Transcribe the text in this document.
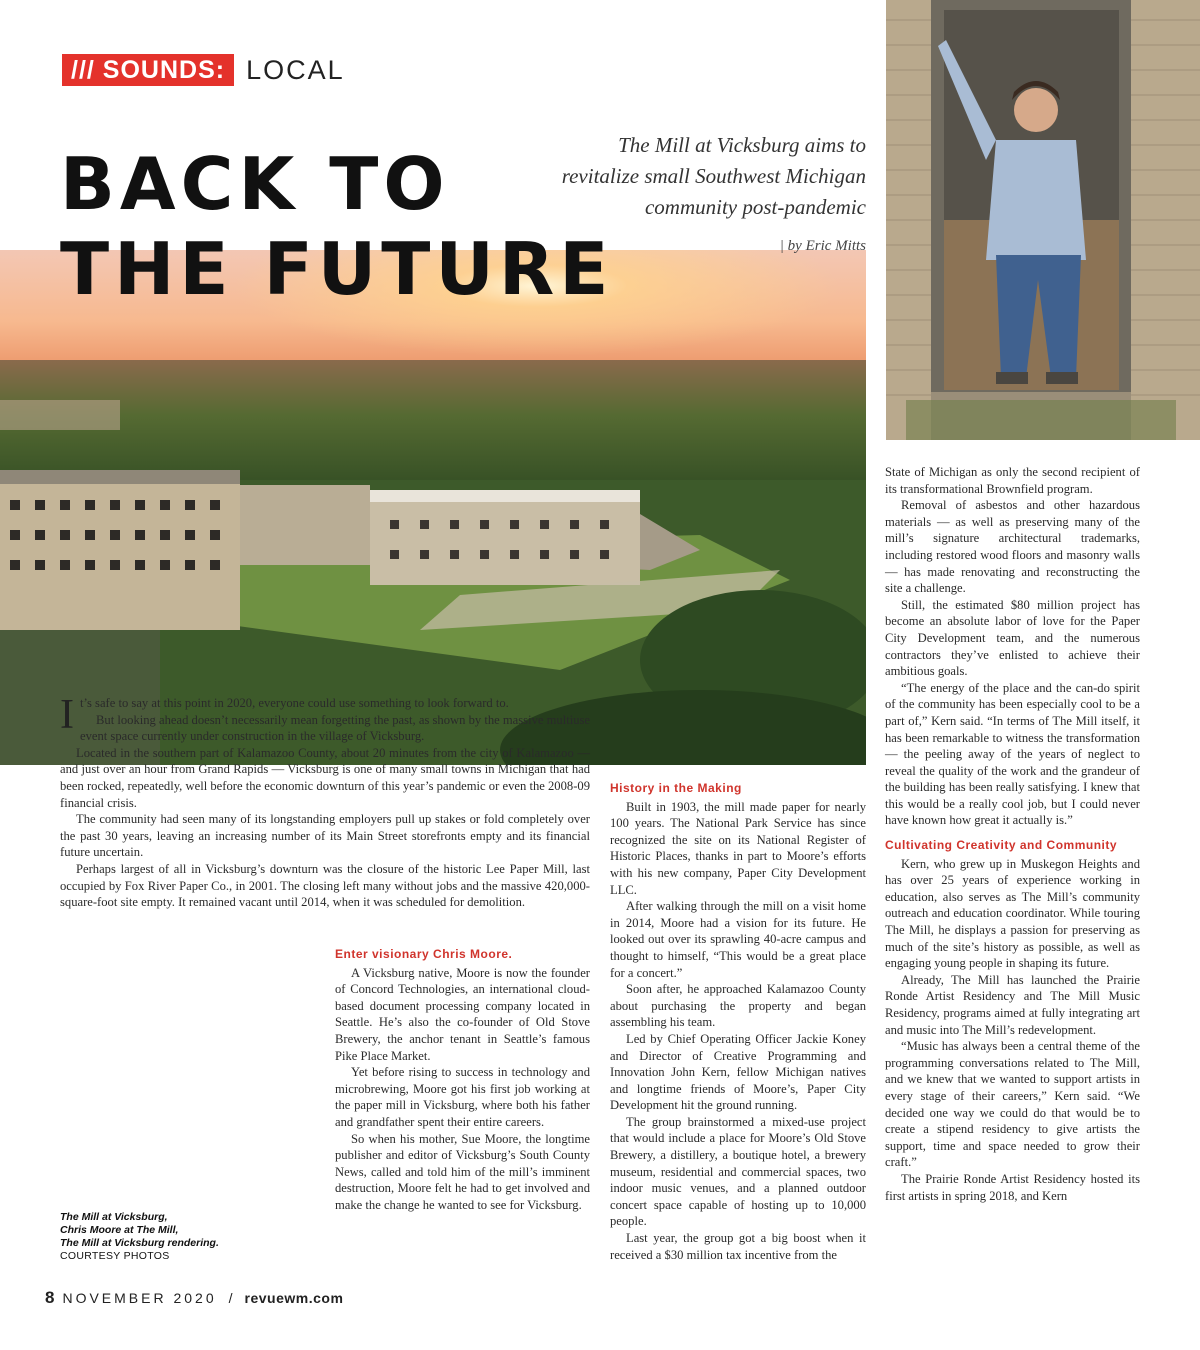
/// SOUNDS: LOCAL
BACK TO
THE FUTURE
The Mill at Vicksburg aims to
revitalize small Southwest Michigan
community post-pandemic
| by Eric Mitts

It’s safe to say at this point in 2020, everyone could use something to look forward to.

But looking ahead doesn’t necessarily mean forgetting the past, as shown by the massive multiuse event space currently under construction in the village of Vicksburg.

Located in the southern part of Kalamazoo County, about 20 minutes from the city of Kalamazoo — and just over an hour from Grand Rapids — Vicksburg is one of many small towns in Michigan that had been rocked, repeatedly, well before the economic downturn of this year’s pandemic or even the 2008-09 financial crisis.

The community had seen many of its longstanding employers pull up stakes or fold completely over the past 30 years, leaving an increasing number of its Main Street storefronts empty and its financial future uncertain.

Perhaps largest of all in Vicksburg’s downturn was the closure of the historic Lee Paper Mill, last occupied by Fox River Paper Co., in 2001. The closing left many without jobs and the massive 420,000-square-foot site empty. It remained vacant until 2014, when it was scheduled for demolition.

Enter visionary Chris Moore.

A Vicksburg native, Moore is now the founder of Concord Technologies, an international cloud-based document processing company located in Seattle. He’s also the co-founder of Old Stove Brewery, the anchor tenant in Seattle’s famous Pike Place Market.

Yet before rising to success in technology and microbrewing, Moore got his first job working at the paper mill in Vicksburg, where both his father and grandfather spent their entire careers.

So when his mother, Sue Moore, the longtime publisher and editor of Vicksburg’s South County News, called and told him of the mill’s imminent destruction, Moore felt he had to get involved and make the change he wanted to see for Vicksburg.

History in the Making

Built in 1903, the mill made paper for nearly 100 years. The National Park Service has since recognized the site on its National Register of Historic Places, thanks in part to Moore’s efforts with his new company, Paper City Development LLC.

After walking through the mill on a visit home in 2014, Moore had a vision for its future. He looked out over its sprawling 40-acre campus and thought to himself, “This would be a great place for a concert.”

Soon after, he approached Kalamazoo County about purchasing the property and began assembling his team.

Led by Chief Operating Officer Jackie Koney and Director of Creative Programming and Innovation John Kern, fellow Michigan natives and longtime friends of Moore’s, Paper City Development hit the ground running.

The group brainstormed a mixed-use project that would include a place for Moore’s Old Stove Brewery, a distillery, a boutique hotel, a brewery museum, residential and commercial spaces, two indoor music venues, and a planned outdoor concert space capable of hosting up to 10,000 people.

Last year, the group got a big boost when it received a $30 million tax incentive from the

State of Michigan as only the second recipient of its transformational Brownfield program.

Removal of asbestos and other hazardous materials — as well as preserving many of the mill’s signature architectural trademarks, including restored wood floors and masonry walls — has made renovating and reconstructing the site a challenge.

Still, the estimated $80 million project has become an absolute labor of love for the Paper City Development team, and the numerous contractors they’ve enlisted to achieve their ambitious goals.

“The energy of the place and the can-do spirit of the community has been especially cool to be a part of,” Kern said. “In terms of The Mill itself, it has been remarkable to witness the transformation — the peeling away of the years of neglect to reveal the quality of the work and the grandeur of the building has been really satisfying. I knew that this would be a really cool job, but I could never have known how great it actually is.”

Cultivating Creativity and Community

Kern, who grew up in Muskegon Heights and has over 25 years of experience working in education, also serves as The Mill’s community outreach and education coordinator. While touring The Mill, he displays a passion for preserving as much of the site’s history as possible, as well as engaging young people in shaping its future.

Already, The Mill has launched the Prairie Ronde Artist Residency and The Mill Music Residency, programs aimed at fully integrating art and music into The Mill’s redevelopment.

“Music has always been a central theme of the programming conversations related to The Mill, and we knew that we wanted to support artists in every stage of their careers,” Kern said. “We decided one way we could do that would be to create a stipend residency to give artists the support, time and space needed to grow their craft.”

The Prairie Ronde Artist Residency hosted its first artists in spring 2018, and Kern

The Mill at Vicksburg,
Chris Moore at The Mill,
The Mill at Vicksburg rendering.
COURTESY PHOTOS
8 NOVEMBER 2020 / revuewm.com
